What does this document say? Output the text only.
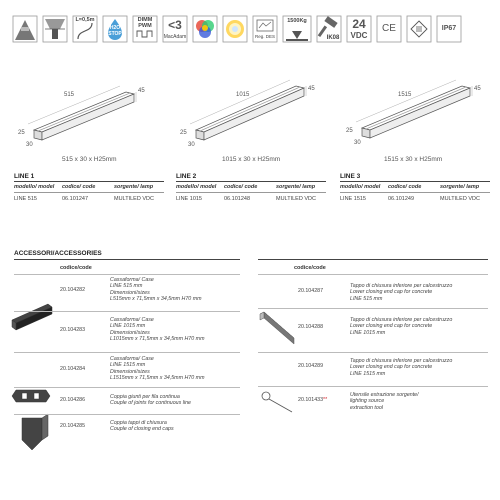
L=0,5m
H2O STOP
DIMM PWM	<3
MacAdam	Reg. DES
1500Kg
IK08
24
VDC
CE	IP67
515
45
25
30
515 x 30 x H25mm
1015
45
25
30
1015 x 30 x H25mm
1515
45
25
30
1515 x 30 x H25mm
LINE 1
modello/ model	codice/ code	sorgente/ lamp
LINE 515	06.101247	MULTILED VDC
LINE 2
modello/ model	codice/ code	sorgente/ lamp
LINE 1015	06.101248	MULTILED VDC
LINE 3
modello/ model	codice/ code	sorgente/ lamp
LINE 1515	06.101249	MULTILED VDC
ACCESSORI/ACCESSORIES
codice/code	codice/code
20.104282
Cassaforma/ Case
LINE 515 mm
Dimensioni/sizes
L515mm x 71,5mm x 34,5mm H70 mm
20.104283
Cassaforma/ Case
LINE 1015 mm
Dimensioni/sizes
L1015mm x 71,5mm x 34,5mm H70 mm
20.104284
Cassaforma/ Case
LINE 1515 mm
Dimensioni/sizes
L1515mm x 71,5mm x 34,5mm H70 mm
20.104286	Coppia giunti per fila continua
Couple of joints for continuous line
20.104285	Coppia tappi di chiusura
Couple of closing end caps
20.104287
Tappo di chiusura inferiore per calcestruzzo
Lower closing end cap for concrete
LINE 515 mm
20.104288
Tappo di chiusura inferiore per calcestruzzo
Lower closing end cap for concrete
LINE 1015 mm
20.104289
Tappo di chiusura inferiore per calcestruzzo
Lower closing end cap for concrete
LINE 1515 mm
20.101433**
Utensile estrazione sorgente/
lighting source
extraction tool
